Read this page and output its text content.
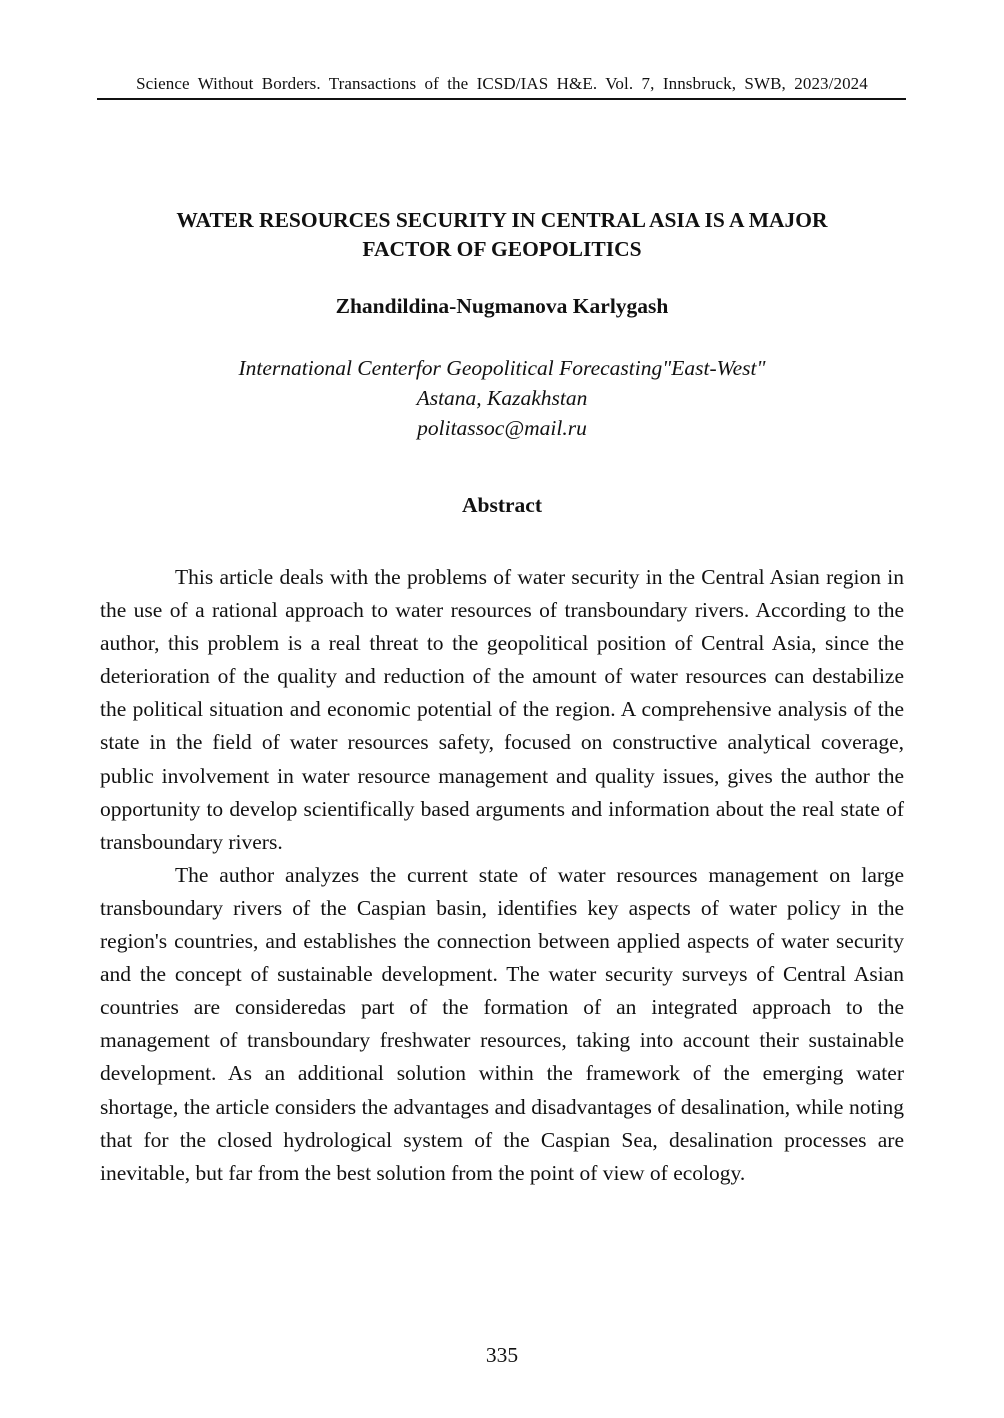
Science Without Borders. Transactions of the ICSD/IAS H&E. Vol. 7, Innsbruck, SWB, 2023/2024
WATER RESOURCES SECURITY IN CENTRAL ASIA IS A MAJOR
FACTOR OF GEOPOLITICS
Zhandildina-Nugmanova Karlygash
International Centerfor Geopolitical Forecasting"East-West"
Astana, Kazakhstan
politassoc@mail.ru
Abstract

This article deals with the problems of water security in the Central Asian region in the use of a rational approach to water resources of transboundary rivers. According to the author, this problem is a real threat to the geopolitical position of Central Asia, since the deterioration of the quality and reduction of the amount of water resources can destabilize the political situation and economic potential of the region. A comprehensive analysis of the state in the field of water resources safety, focused on constructive analytical coverage, public involvement in water resource management and quality issues, gives the author the opportunity to develop scientifically based arguments and information about the real state of transboundary rivers.

The author analyzes the current state of water resources management on large transboundary rivers of the Caspian basin, identifies key aspects of water policy in the region's countries, and establishes the connection between applied aspects of water security and the concept of sustainable development. The water security surveys of Central Asian countries are consideredas part of the formation of an integrated approach to the management of transboundary freshwater resources, taking into account their sustainable development. As an additional solution within the framework of the emerging water shortage, the article considers the advantages and disadvantages of desalination, while noting that for the closed hydrological system of the Caspian Sea, desalination processes are inevitable, but far from the best solution from the point of view of ecology.

335
